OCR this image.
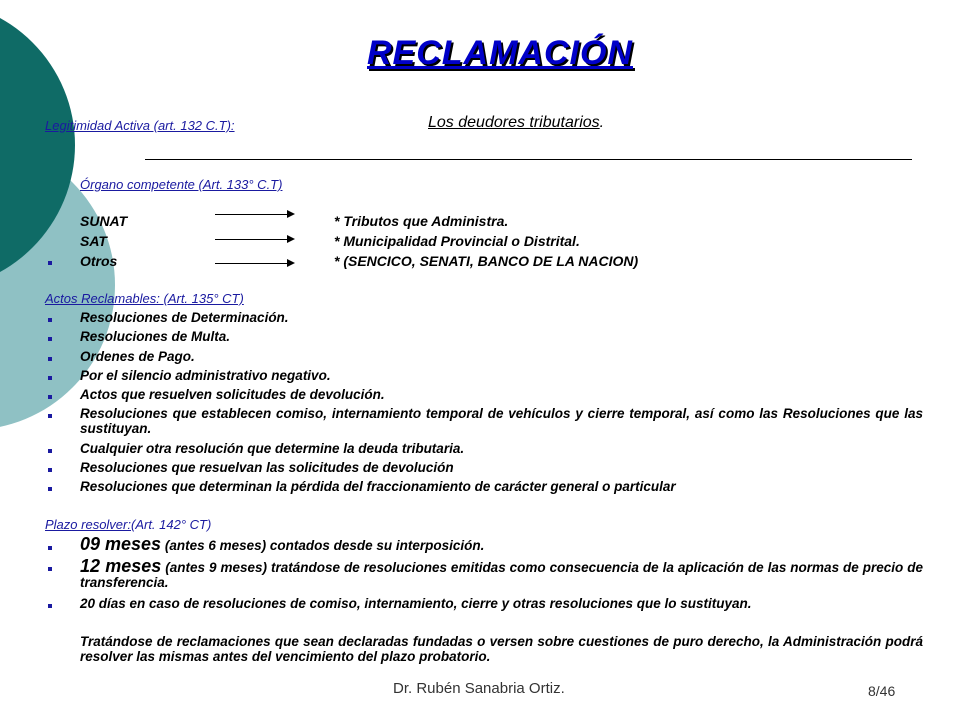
RECLAMACIÓN
Legitimidad Activa (art. 132 C.T):	Los deudores tributarios.
Órgano competente (Art. 133° C.T)
SUNAT	* Tributos que Administra.
SAT	* Municipalidad Provincial o Distrital.
Otros	* (SENCICO, SENATI, BANCO DE LA NACION)
Actos Reclamables: (Art. 135° CT)
Resoluciones de Determinación.
Resoluciones de Multa.
Ordenes de Pago.
Por el silencio administrativo negativo.
Actos que resuelven solicitudes de devolución.
Resoluciones que establecen comiso, internamiento temporal de vehículos y cierre temporal, así como las Resoluciones que las sustituyan.
Cualquier otra resolución que determine la deuda tributaria.
Resoluciones que resuelvan las solicitudes de devolución
Resoluciones que determinan la pérdida del fraccionamiento de carácter general o particular
Plazo resolver:(Art. 142° CT)
09 meses (antes 6 meses) contados desde su interposición.
12 meses (antes 9 meses) tratándose de resoluciones emitidas como consecuencia de la aplicación de las normas de precio de transferencia.
20 días en caso de resoluciones de comiso, internamiento, cierre y otras resoluciones que lo sustituyan.
Tratándose de reclamaciones que sean declaradas fundadas o versen sobre cuestiones de puro derecho, la Administración podrá resolver las mismas antes del vencimiento del plazo probatorio.
Dr. Rubén Sanabria Ortiz.	8/46
